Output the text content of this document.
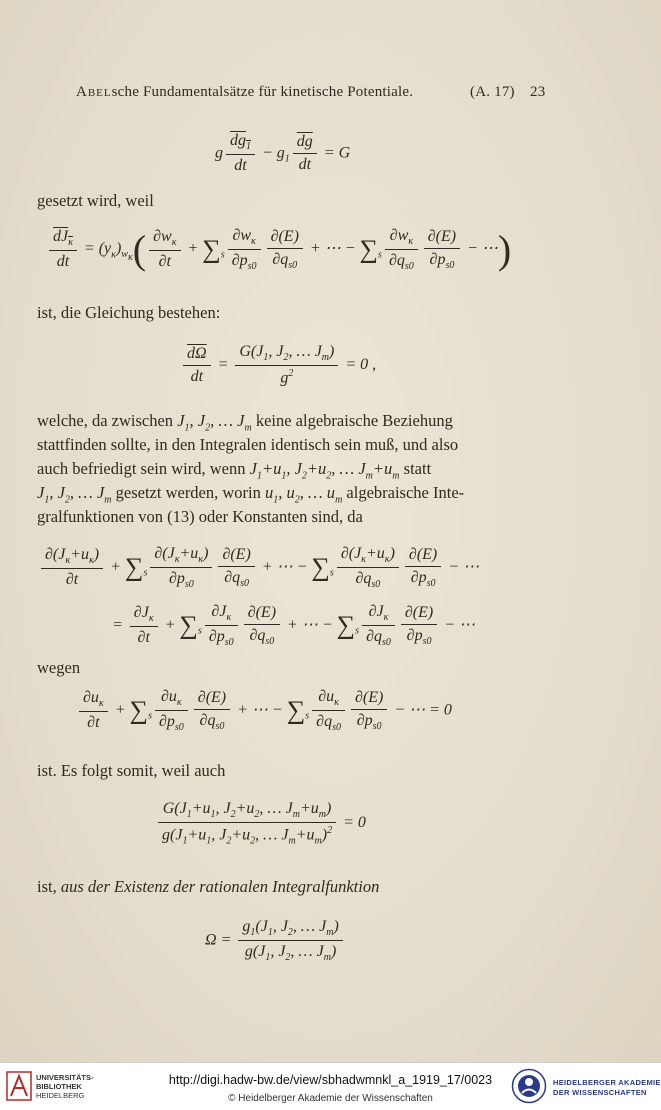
Abelsche Fundamentalsätze für kinetische Potentiale.	(A. 17) 23
g $\frac{dg_1}{dt} - g_1 \frac{\overline{dg}}{dt} = G$
gesetzt wird, weil
$\frac{dJ_\kappa}{dt} = (y_\kappa)_{w_\kappa}( \frac{\partial w_\kappa}{\partial t} + \sum_s \frac{\partial w_\kappa}{\partial p_{s0}} \frac{\partial(E)}{\partial q_{s0}}$ + ⋯ − $\sum_s \frac{\partial w_\kappa}{\partial q_{s0}} \frac{\partial(E)}{\partial p_{s0}}$ − ⋯)
ist, die Gleichung bestehen:
$\frac{\overline{d\Omega}}{dt} = \frac{G(J_1, J_2, \dots J_m)}{g^2} = 0$ ,
welche, da zwischen $J_1$, $J_2$, … $J_m$ keine algebraische Beziehung
stattfinden sollte, in den Integralen identisch sein muß, und also
auch befriedigt sein wird, wenn $J_1+u_1$, $J_2+u_2$, … $J_m+u_m$ statt
$J_1$, $J_2$, … $J_m$ gesetzt werden, worin $u_1$, $u_2$, … $u_m$ algebraische Inte-
gralfunktionen von (13) oder Konstanten sind, da
$\frac{\partial(J_\kappa+u_\kappa)}{\partial t} + \sum_s \frac{\partial(J_\kappa+u_\kappa)}{\partial p_{s0}} \frac{\partial(E)}{\partial q_{s0}}$ + ⋯ − $\sum_s \frac{\partial(J_\kappa+u_\kappa)}{\partial q_{s0}} \frac{\partial(E)}{\partial p_{s0}}$ − ⋯
= $\frac{\partial J_\kappa}{\partial t} + \sum_s \frac{\partial J_\kappa}{\partial p_{s0}} \frac{\partial(E)}{\partial q_{s0}}$ + ⋯ − $\sum_s \frac{\partial J_\kappa}{\partial q_{s0}} \frac{\partial(E)}{\partial p_{s0}}$ − ⋯
wegen
$\frac{\partial u_\kappa}{\partial t} + \sum_s \frac{\partial u_\kappa}{\partial p_{s0}} \frac{\partial(E)}{\partial q_{s0}}$ + ⋯ − $\sum_s \frac{\partial u_\kappa}{\partial q_{s0}} \frac{\partial(E)}{\partial p_{s0}}$ − ⋯ = 0
ist. Es folgt somit, weil auch
$\frac{G(J_1+u_1, J_2+u_2, \dots J_m+u_m)}{g(J_1+u_1, J_2+u_2, \dots J_m+u_m)^2} = 0$
ist, aus der Existenz der rationalen Integralfunktion
$\Omega = \frac{g_1(J_1, J_2, \dots J_m)}{g(J_1, J_2, \dots J_m)}$
UNIVERSITÄTS-
BIBLIOTHEK
HEIDELBERG
http://digi.hadw-bw.de/view/sbhadwmnkl_a_1919_17/0023
© Heidelberger Akademie der Wissenschaften
HEIDELBERGER AKADEMIE
DER WISSENSCHAFTEN
